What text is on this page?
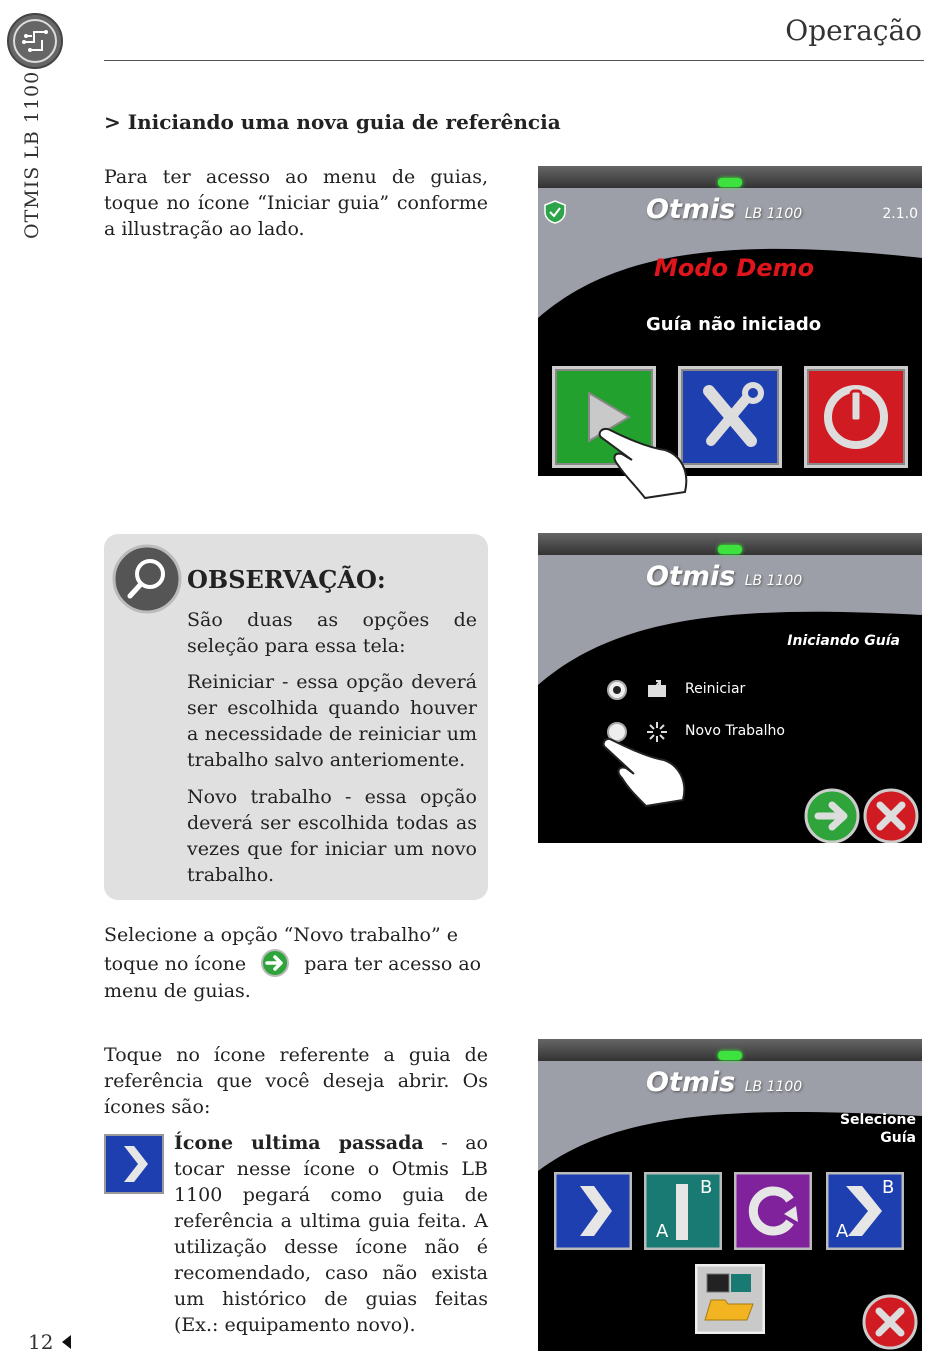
OTMIS LB 1100
Operação
> Iniciando uma nova guia de referência
Para ter acesso ao menu de guias, toque no ícone “Iniciar guia” conforme a illustração ao lado.
Otmis LB 1100	2.1.0
Modo Demo
Guía não iniciado
OBSERVAÇÃO:
São duas as opções de seleção para essa tela:
Reiniciar - essa opção deverá ser escolhida quando houver a necessidade de reiniciar um trabalho salvo anteriomente.
Novo trabalho - essa opção deverá ser escolhida todas as vezes que for iniciar um novo trabalho.
Otmis LB 1100
Iniciando Guía
Reiniciar
Novo Trabalho
Selecione a opção “Novo trabalho” e toque no ícone	para ter acesso ao menu de guias.
Toque no ícone referente a guia de referência que você deseja abrir. Os ícones são:
Ícone ultima passada - ao tocar nesse ícone o Otmis LB 1100 pegará como guia de referência a ultima guia feita. A utilização desse ícone não é recomendado, caso não exista um histórico de guias feitas (Ex.: equipamento novo).
Otmis LB 1100
Selecione
Guía
A
B
A
B
12
